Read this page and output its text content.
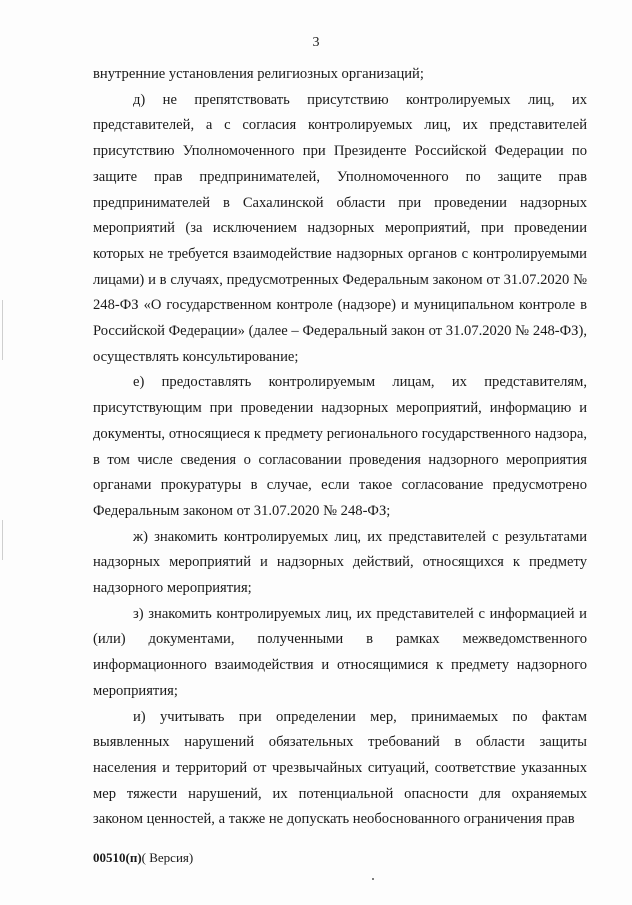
3

внутренние установления религиозных организаций;

д) не препятствовать присутствию контролируемых лиц, их представителей, а с согласия контролируемых лиц, их представителей присутствию Уполномоченного при Президенте Российской Федерации по защите прав предпринимателей, Уполномоченного по защите прав предпринимателей в Сахалинской области при проведении надзорных мероприятий (за исключением надзорных мероприятий, при проведении которых не требуется взаимодействие надзорных органов с контролируемыми лицами) и в случаях, предусмотренных Федеральным законом от 31.07.2020 № 248-ФЗ «О государственном контроле (надзоре) и муниципальном контроле в Российской Федерации» (далее – Федеральный закон от 31.07.2020 № 248-ФЗ), осуществлять консультирование;

е) предоставлять контролируемым лицам, их представителям, присутствующим при проведении надзорных мероприятий, информацию и документы, относящиеся к предмету регионального государственного надзора, в том числе сведения о согласовании проведения надзорного мероприятия органами прокуратуры в случае, если такое согласование предусмотрено Федеральным законом от 31.07.2020 № 248-ФЗ;

ж) знакомить контролируемых лиц, их представителей с результатами надзорных мероприятий и надзорных действий, относящихся к предмету надзорного мероприятия;

з) знакомить контролируемых лиц, их представителей с информацией и (или) документами, полученными в рамках межведомственного информационного взаимодействия и относящимися к предмету надзорного мероприятия;

и) учитывать при определении мер, принимаемых по фактам выявленных нарушений обязательных требований в области защиты населения и территорий от чрезвычайных ситуаций, соответствие указанных мер тяжести нарушений, их потенциальной опасности для охраняемых законом ценностей, а также не допускать необоснованного ограничения прав

00510(п)( Версия)
